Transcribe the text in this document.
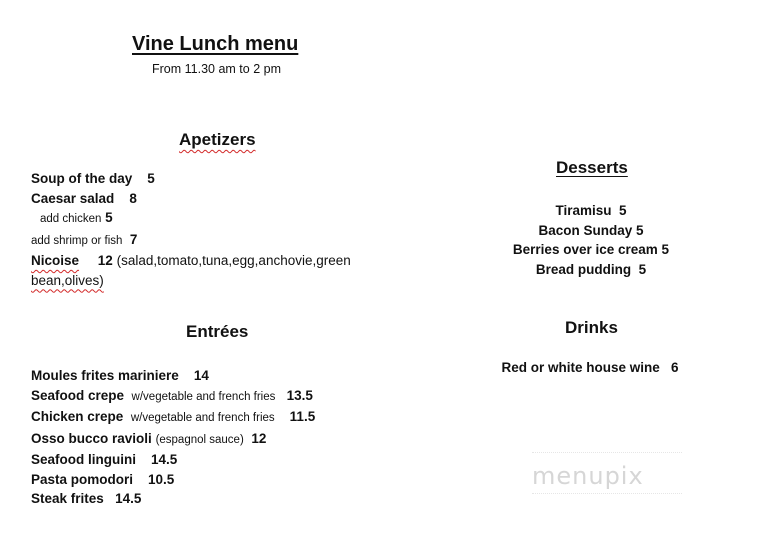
Vine Lunch menu
From 11.30 am to 2 pm
Apetizers
Soup of the day 5
Caesar salad 8
add chicken 5
add shrimp or fish 7
Nicoise 12 (salad,tomato,tuna,egg,anchovie,green
bean,olives)
Entrées
Moules frites mariniere 14
Seafood crepe w/vegetable and french fries 13.5
Chicken crepe w/vegetable and french fries 11.5
Osso bucco ravioli (espagnol sauce) 12
Seafood linguini 14.5
Pasta pomodori 10.5
Steak frites 14.5
Desserts
Tiramisu 5
Bacon Sunday 5
Berries over ice cream 5
Bread pudding 5
Drinks
Red or white house wine 6
menupix
